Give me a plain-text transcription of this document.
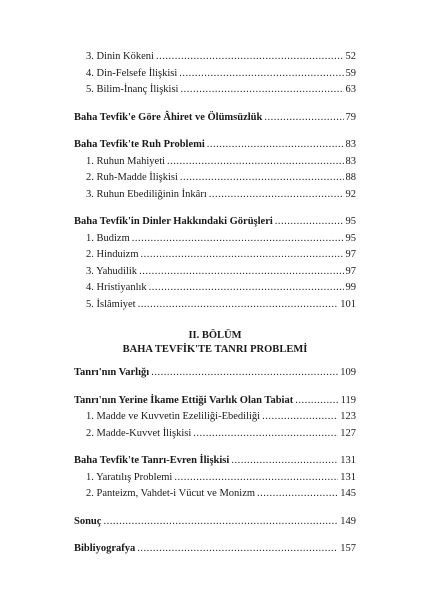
3. Dinin Kökeni .....	52
4. Din-Felsefe İlişkisi .....	59
5. Bilim-İnanç İlişkisi .....	63
Baha Tevfik'e Göre Âhiret ve Ölümsüzlük .....	79
Baha Tevfik'te Ruh Problemi .....	83
1. Ruhun Mahiyeti .....	83
2. Ruh-Madde İlişkisi .....	88
3. Ruhun Ebediliğinin İnkârı .....	92
Baha Tevfik'in Dinler Hakkındaki Görüşleri .....	95
1. Budizm .....	95
2. Hinduizm .....	97
3. Yahudilik .....	97
4. Hristiyanlık .....	99
5. İslâmiyet .....	101
II. BÖLÜM
BAHA TEVFİK'TE TANRI PROBLEMİ
Tanrı'nın Varlığı .....	109
Tanrı'nın Yerine İkame Ettiği Varlık Olan Tabiat .....	119
1. Madde ve Kuvvetin Ezeliliği-Ebediliği .....	123
2. Madde-Kuvvet İlişkisi .....	127
Baha Tevfik'te Tanrı-Evren İlişkisi .....	131
1. Yaratılış Problemi .....	131
2. Panteizm, Vahdet-i Vücut ve Monizm .....	145
Sonuç .....	149
Bibliyografya .....	157
